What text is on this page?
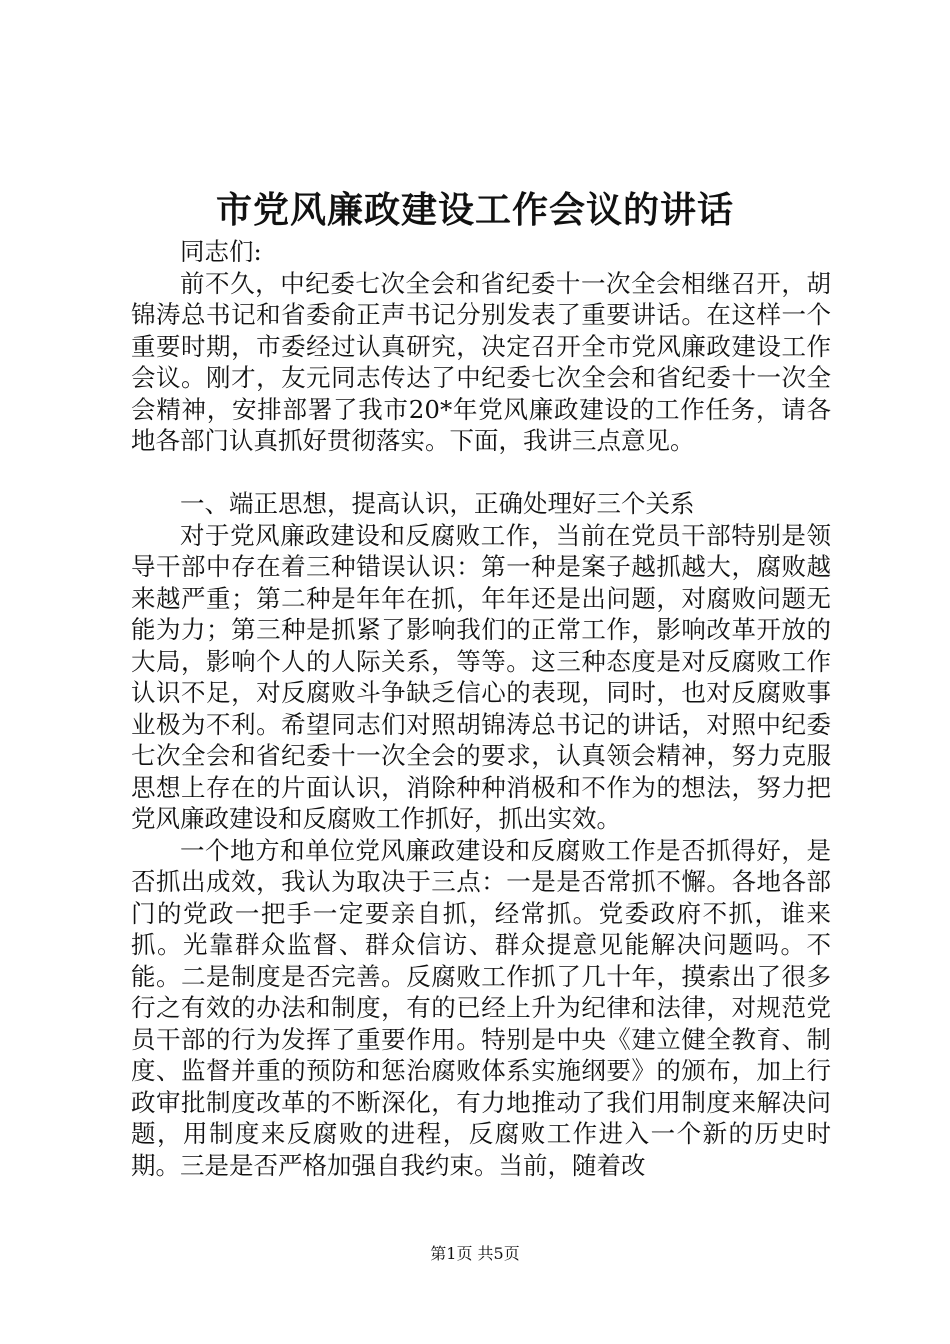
市党风廉政建设工作会议的讲话

同志们:

前不久，中纪委七次全会和省纪委十一次全会相继召开，胡锦涛总书记和省委俞正声书记分别发表了重要讲话。在这样一个重要时期，市委经过认真研究，决定召开全市党风廉政建设工作会议。刚才，友元同志传达了中纪委七次全会和省纪委十一次全会精神，安排部署了我市20*年党风廉政建设的工作任务，请各地各部门认真抓好贯彻落实。下面，我讲三点意见。

一、端正思想，提高认识，正确处理好三个关系

对于党风廉政建设和反腐败工作，当前在党员干部特别是领导干部中存在着三种错误认识：第一种是案子越抓越大，腐败越来越严重；第二种是年年在抓，年年还是出问题，对腐败问题无能为力；第三种是抓紧了影响我们的正常工作，影响改革开放的大局，影响个人的人际关系，等等。这三种态度是对反腐败工作认识不足，对反腐败斗争缺乏信心的表现，同时，也对反腐败事业极为不利。希望同志们对照胡锦涛总书记的讲话，对照中纪委七次全会和省纪委十一次全会的要求，认真领会精神，努力克服思想上存在的片面认识，消除种种消极和不作为的想法，努力把党风廉政建设和反腐败工作抓好，抓出实效。

一个地方和单位党风廉政建设和反腐败工作是否抓得好，是否抓出成效，我认为取决于三点：一是是否常抓不懈。各地各部门的党政一把手一定要亲自抓，经常抓。党委政府不抓，谁来抓。光靠群众监督、群众信访、群众提意见能解决问题吗。不能。二是制度是否完善。反腐败工作抓了几十年，摸索出了很多行之有效的办法和制度，有的已经上升为纪律和法律，对规范党员干部的行为发挥了重要作用。特别是中央《建立健全教育、制度、监督并重的预防和惩治腐败体系实施纲要》的颁布，加上行政审批制度改革的不断深化，有力地推动了我们用制度来解决问题，用制度来反腐败的进程，反腐败工作进入一个新的历史时期。三是是否严格加强自我约束。当前，随着改

第1页 共5页
